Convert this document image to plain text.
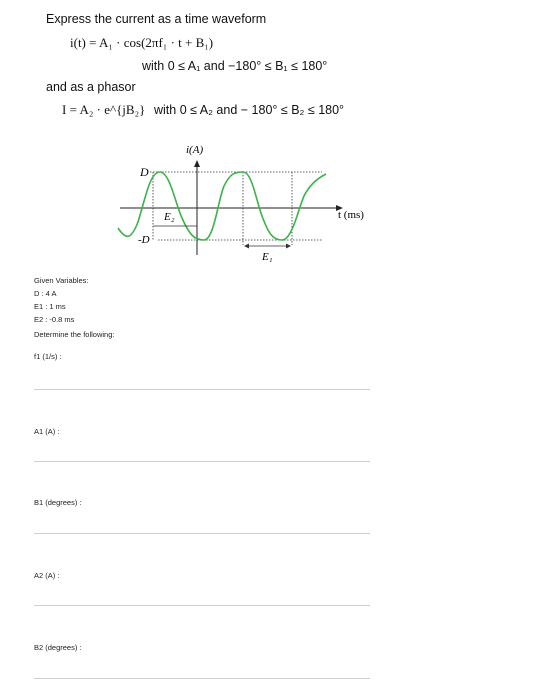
Express the current as a time waveform
i(t) = A₁ · cos(2πf₁ · t + B₁)
with 0 ≤ A₁ and −180° ≤ B₁ ≤ 180°
and as a phasor
I = A₂ · e^{jB₂} with 0 ≤ A₂ and − 180° ≤ B₂ ≤ 180°
i(A)
D
-D
E₂
E₁
t (ms)
Given Variables:
D : 4 A
E1 : 1 ms
E2 : -0.8 ms
Determine the following:
f1 (1/s) :
A1 (A) :
B1 (degrees) :
A2 (A) :
B2 (degrees) :
